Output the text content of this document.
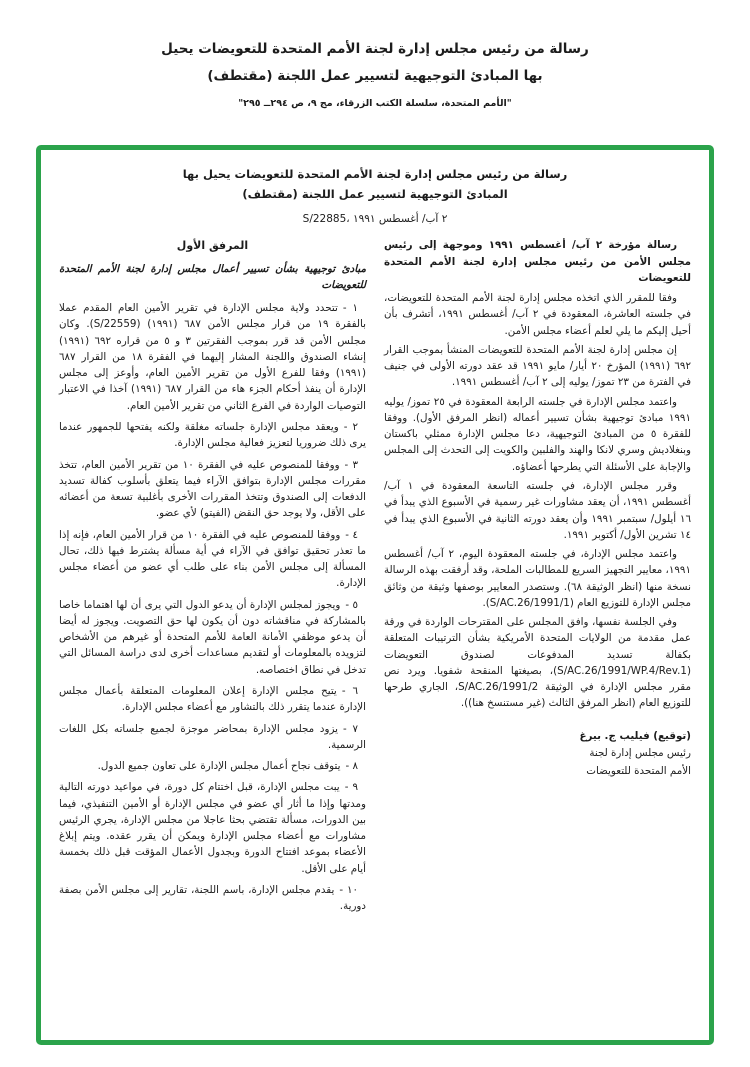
رسالة من رئيس مجلس إدارة لجنة الأمم المتحدة للتعويضات يحيل
بها المبادئ التوجيهية لتسيير عمل اللجنة (مقتطف)
"الأمم المتحدة، سلسلة الكتب الزرقاء، مج ٩، ص ٢٩٤ــ ٢٩٥"
رسالة من رئيس مجلس إدارة لجنة الأمم المتحدة للتعويضات يحيل بها
المبادئ التوجيهية لتسيير عمل اللجنة (مقتطف)
S/22885، ٢ آب/ أغسطس ١٩٩١

رسالة مؤرخة ٢ آب/ أغسطس ١٩٩١ وموجهة إلى رئيس مجلس الأمن من رئيس مجلس إدارة لجنة الأمم المتحدة للتعويضات

وفقا للمقرر الذي اتخذه مجلس إدارة لجنة الأمم المتحدة للتعويضات، في جلسته العاشرة، المعقودة في ٢ آب/ أغسطس ١٩٩١، أتشرف بأن أحيل إليكم ما يلي لعلم أعضاء مجلس الأمن.

إن مجلس إدارة لجنة الأمم المتحدة للتعويضات المنشأ بموجب القرار ٦٩٢ (١٩٩١) المؤرخ ٢٠ أيار/ مايو ١٩٩١ قد عقد دورته الأولى في جنيف في الفترة من ٢٣ تموز/ يوليه إلى ٢ آب/ أغسطس ١٩٩١.

واعتمد مجلس الإدارة في جلسته الرابعة المعقودة في ٢٥ تموز/ يوليه ١٩٩١ مبادئ توجيهية بشأن تسيير أعماله (انظر المرفق الأول). ووفقا للفقرة ٥ من المبادئ التوجيهية، دعا مجلس الإدارة ممثلي باكستان وبنغلاديش وسري لانكا والهند والفلبين والكويت إلى التحدث إلى المجلس والإجابة على الأسئلة التي يطرحها أعضاؤه.

وقرر مجلس الإدارة، في جلسته التاسعة المعقودة في ١ آب/ أغسطس ١٩٩١، أن يعقد مشاورات غير رسمية في الأسبوع الذي يبدأ في ١٦ أيلول/ سبتمبر ١٩٩١ وأن يعقد دورته الثانية في الأسبوع الذي يبدأ في ١٤ تشرين الأول/ أكتوبر ١٩٩١.

واعتمد مجلس الإدارة، في جلسته المعقودة اليوم، ٢ آب/ أغسطس ١٩٩١، معايير التجهيز السريع للمطالبات الملحة، وقد أرفقت بهذه الرسالة نسخة منها (انظر الوثيقة ٦٨). وستصدر المعايير بوصفها وثيقة من وثائق مجلس الإدارة للتوزيع العام (S/AC.26/1991/1).

وفي الجلسة نفسها، وافق المجلس على المقترحات الواردة في ورقة عمل مقدمة من الولايات المتحدة الأمريكية بشأن الترتيبات المتعلقة بكفالة تسديد المدفوعات لصندوق التعويضات (S/AC.26/1991/WP.4/Rev.1)، بصيغتها المنقحة شفويا. ويرد نص مقرر مجلس الإدارة في الوثيقة S/AC.26/1991/2، الجاري طرحها للتوزيع العام (انظر المرفق الثالث (غير مستنسخ هنا)).

(توقيع) فيليب ج. بيرغ
رئيس مجلس إدارة لجنة
الأمم المتحدة للتعويضات
المرفق الأول
مبادئ توجيهية بشأن تسيير أعمال مجلس إدارة لجنة الأمم المتحدة للتعويضات

١ -تتحدد ولاية مجلس الإدارة في تقرير الأمين العام المقدم عملا بالفقرة ١٩ من قرار مجلس الأمن ٦٨٧ (١٩٩١) (S/22559). وكان مجلس الأمن قد قرر بموجب الفقرتين ٣ و ٥ من قراره ٦٩٢ (١٩٩١) إنشاء الصندوق واللجنة المشار إليهما في الفقرة ١٨ من القرار ٦٨٧ (١٩٩١) وفقا للفرع الأول من تقرير الأمين العام، وأوعز إلى مجلس الإدارة أن ينفذ أحكام الجزء هاء من القرار ٦٨٧ (١٩٩١) آخذا في الاعتبار التوصيات الواردة في الفرع الثاني من تقرير الأمين العام.

٢ -ويعقد مجلس الإدارة جلساته مغلقة ولكنه يفتحها للجمهور عندما يرى ذلك ضروريا لتعزيز فعالية مجلس الإدارة.

٣ -ووفقا للمنصوص عليه في الفقرة ١٠ من تقرير الأمين العام، تتخذ مقررات مجلس الإدارة بتوافق الآراء فيما يتعلق بأسلوب كفالة تسديد الدفعات إلى الصندوق وتتخذ المقررات الأخرى بأغلبية تسعة من أعضائه على الأقل، ولا يوجد حق النقض (الفيتو) لأي عضو.

٤ -ووفقا للمنصوص عليه في الفقرة ١٠ من قرار الأمين العام، فإنه إذا ما تعذر تحقيق توافق في الآراء في أية مسألة يشترط فيها ذلك، تحال المسألة إلى مجلس الأمن بناء على طلب أي عضو من أعضاء مجلس الإدارة.

٥ -ويجوز لمجلس الإدارة أن يدعو الدول التي يرى أن لها اهتماما خاصا بالمشاركة في مناقشاته دون أن يكون لها حق التصويت. ويجوز له أيضا أن يدعو موظفي الأمانة العامة للأمم المتحدة أو غيرهم من الأشخاص لتزويده بالمعلومات أو لتقديم مساعدات أخرى لدى دراسة المسائل التي تدخل في نطاق اختصاصه.

٦ -يتيح مجلس الإدارة إعلان المعلومات المتعلقة بأعمال مجلس الإدارة عندما يتقرر ذلك بالتشاور مع أعضاء مجلس الإدارة.

٧ -يزود مجلس الإدارة بمحاضر موجزة لجميع جلساته بكل اللغات الرسمية.

٨ -يتوقف نجاح أعمال مجلس الإدارة على تعاون جميع الدول.

٩ -يبت مجلس الإدارة، قبل اختتام كل دورة، في مواعيد دورته التالية ومدتها وإذا ما أثار أي عضو في مجلس الإدارة أو الأمين التنفيذي، فيما بين الدورات، مسألة تقتضي بحثا عاجلا من مجلس الإدارة، يجري الرئيس مشاورات مع أعضاء مجلس الإدارة ويمكن أن يقرر عقده. ويتم إبلاغ الأعضاء بموعد افتتاح الدورة وبجدول الأعمال المؤقت قبل ذلك بخمسة أيام على الأقل.

١٠ -يقدم مجلس الإدارة، باسم اللجنة، تقارير إلى مجلس الأمن بصفة دورية.
